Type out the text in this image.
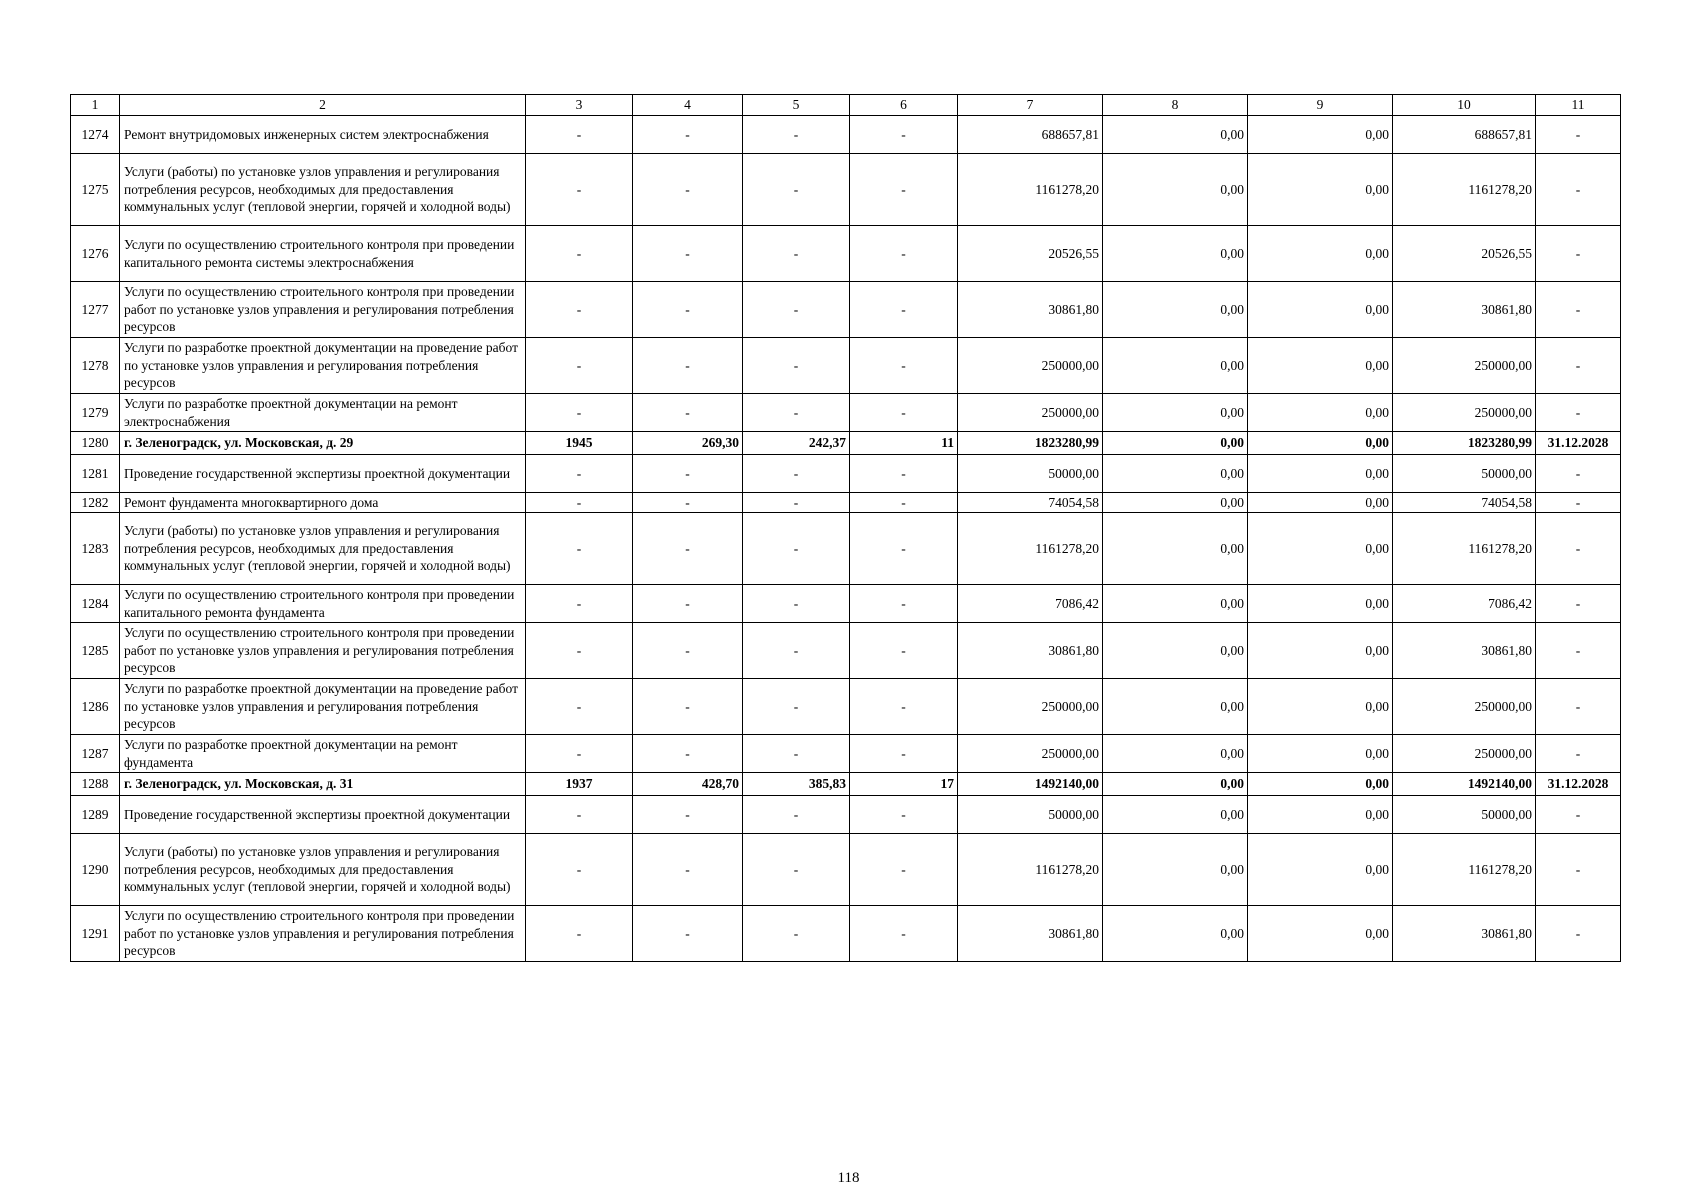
1	2	3	4	5	6	7	8	9	10	11
1274	Ремонт внутридомовых инженерных систем электроснабжения	-	-	-	-	688657,81	0,00	0,00	688657,81	-
1275	Услуги (работы) по установке узлов управления и регулирования потребления ресурсов, необходимых для предоставления коммунальных услуг (тепловой энергии, горячей и холодной воды)	-	-	-	-	1161278,20	0,00	0,00	1161278,20	-
1276	Услуги по осуществлению строительного контроля при проведении капитального ремонта системы электроснабжения	-	-	-	-	20526,55	0,00	0,00	20526,55	-
1277	Услуги по осуществлению строительного контроля при проведении работ по установке узлов управления и регулирования потребления ресурсов	-	-	-	-	30861,80	0,00	0,00	30861,80	-
1278	Услуги по разработке проектной документации на проведение работ по установке узлов управления и регулирования потребления ресурсов	-	-	-	-	250000,00	0,00	0,00	250000,00	-
1279	Услуги по разработке проектной документации на ремонт электроснабжения	-	-	-	-	250000,00	0,00	0,00	250000,00	-
1280	г. Зеленоградск, ул. Московская, д. 29	1945	269,30	242,37	11	1823280,99	0,00	0,00	1823280,99	31.12.2028
1281	Проведение государственной экспертизы проектной документации	-	-	-	-	50000,00	0,00	0,00	50000,00	-
1282	Ремонт фундамента многоквартирного дома	-	-	-	-	74054,58	0,00	0,00	74054,58	-
1283	Услуги (работы) по установке узлов управления и регулирования потребления ресурсов, необходимых для предоставления коммунальных услуг (тепловой энергии, горячей и холодной воды)	-	-	-	-	1161278,20	0,00	0,00	1161278,20	-
1284	Услуги по осуществлению строительного контроля при проведении капитального ремонта фундамента	-	-	-	-	7086,42	0,00	0,00	7086,42	-
1285	Услуги по осуществлению строительного контроля при проведении работ по установке узлов управления и регулирования потребления ресурсов	-	-	-	-	30861,80	0,00	0,00	30861,80	-
1286	Услуги по разработке проектной документации на проведение работ по установке узлов управления и регулирования потребления ресурсов	-	-	-	-	250000,00	0,00	0,00	250000,00	-
1287	Услуги по разработке проектной документации на ремонт фундамента	-	-	-	-	250000,00	0,00	0,00	250000,00	-
1288	г. Зеленоградск, ул. Московская, д. 31	1937	428,70	385,83	17	1492140,00	0,00	0,00	1492140,00	31.12.2028
1289	Проведение государственной экспертизы проектной документации	-	-	-	-	50000,00	0,00	0,00	50000,00	-
1290	Услуги (работы) по установке узлов управления и регулирования потребления ресурсов, необходимых для предоставления коммунальных услуг (тепловой энергии, горячей и холодной воды)	-	-	-	-	1161278,20	0,00	0,00	1161278,20	-
1291	Услуги по осуществлению строительного контроля при проведении работ по установке узлов управления и регулирования потребления ресурсов	-	-	-	-	30861,80	0,00	0,00	30861,80	-
118
